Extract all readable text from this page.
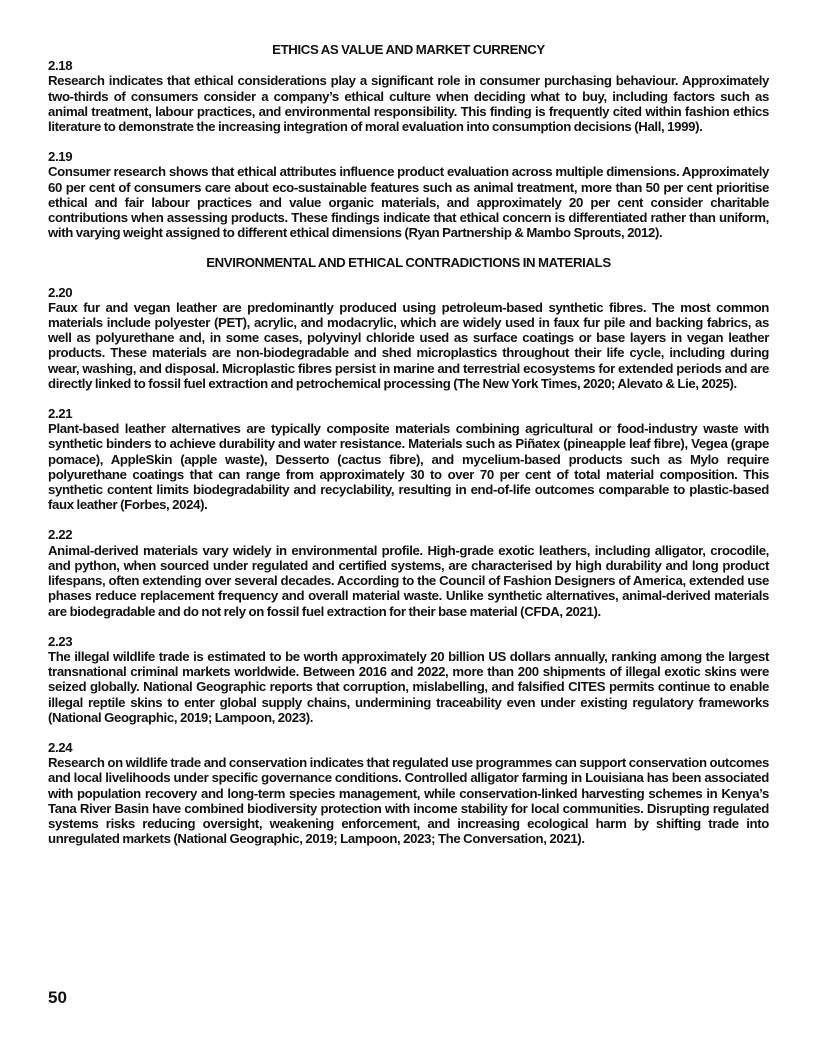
ETHICS AS VALUE AND MARKET CURRENCY
2.18
Research indicates that ethical considerations play a significant role in consumer purchasing behaviour. Approximately two-thirds of consumers consider a company’s ethical culture when deciding what to buy, including factors such as animal treatment, labour practices, and environmental responsibility. This finding is frequently cited within fashion ethics literature to demonstrate the increasing integration of moral evaluation into consumption decisions (Hall, 1999).
2.19
Consumer research shows that ethical attributes influence product evaluation across multiple dimensions. Approximately 60 per cent of consumers care about eco-sustainable features such as animal treatment, more than 50 per cent prioritise ethical and fair labour practices and value organic materials, and approximately 20 per cent consider charitable contributions when assessing products. These findings indicate that ethical concern is differentiated rather than uniform, with varying weight assigned to different ethical dimensions (Ryan Partnership & Mambo Sprouts, 2012).
ENVIRONMENTAL AND ETHICAL CONTRADICTIONS IN MATERIALS
2.20
Faux fur and vegan leather are predominantly produced using petroleum-based synthetic fibres. The most common materials include polyester (PET), acrylic, and modacrylic, which are widely used in faux fur pile and backing fabrics, as well as polyurethane and, in some cases, polyvinyl chloride used as surface coatings or base layers in vegan leather products. These materials are non-biodegradable and shed microplastics throughout their life cycle, including during wear, washing, and disposal. Microplastic fibres persist in marine and terrestrial ecosystems for extended periods and are directly linked to fossil fuel extraction and petrochemical processing (The New York Times, 2020; Alevato & Lie, 2025).
2.21
Plant-based leather alternatives are typically composite materials combining agricultural or food-industry waste with synthetic binders to achieve durability and water resistance. Materials such as Piñatex (pineapple leaf fibre), Vegea (grape pomace), AppleSkin (apple waste), Desserto (cactus fibre), and mycelium-based products such as Mylo require polyurethane coatings that can range from approximately 30 to over 70 per cent of total material composition. This synthetic content limits biodegradability and recyclability, resulting in end-of-life outcomes comparable to plastic-based faux leather (Forbes, 2024).
2.22
Animal-derived materials vary widely in environmental profile. High-grade exotic leathers, including alligator, crocodile, and python, when sourced under regulated and certified systems, are characterised by high durability and long product lifespans, often extending over several decades. According to the Council of Fashion Designers of America, extended use phases reduce replacement frequency and overall material waste. Unlike synthetic alternatives, animal-derived materials are biodegradable and do not rely on fossil fuel extraction for their base material (CFDA, 2021).
2.23
The illegal wildlife trade is estimated to be worth approximately 20 billion US dollars annually, ranking among the largest transnational criminal markets worldwide. Between 2016 and 2022, more than 200 shipments of illegal exotic skins were seized globally. National Geographic reports that corruption, mislabelling, and falsified CITES permits continue to enable illegal reptile skins to enter global supply chains, undermining traceability even under existing regulatory frameworks (National Geographic, 2019; Lampoon, 2023).
2.24
Research on wildlife trade and conservation indicates that regulated use programmes can support conservation outcomes and local livelihoods under specific governance conditions. Controlled alligator farming in Louisiana has been associated with population recovery and long-term species management, while conservation-linked harvesting schemes in Kenya’s Tana River Basin have combined biodiversity protection with income stability for local communities. Disrupting regulated systems risks reducing oversight, weakening enforcement, and increasing ecological harm by shifting trade into unregulated markets (National Geographic, 2019; Lampoon, 2023; The Conversation, 2021).
50
